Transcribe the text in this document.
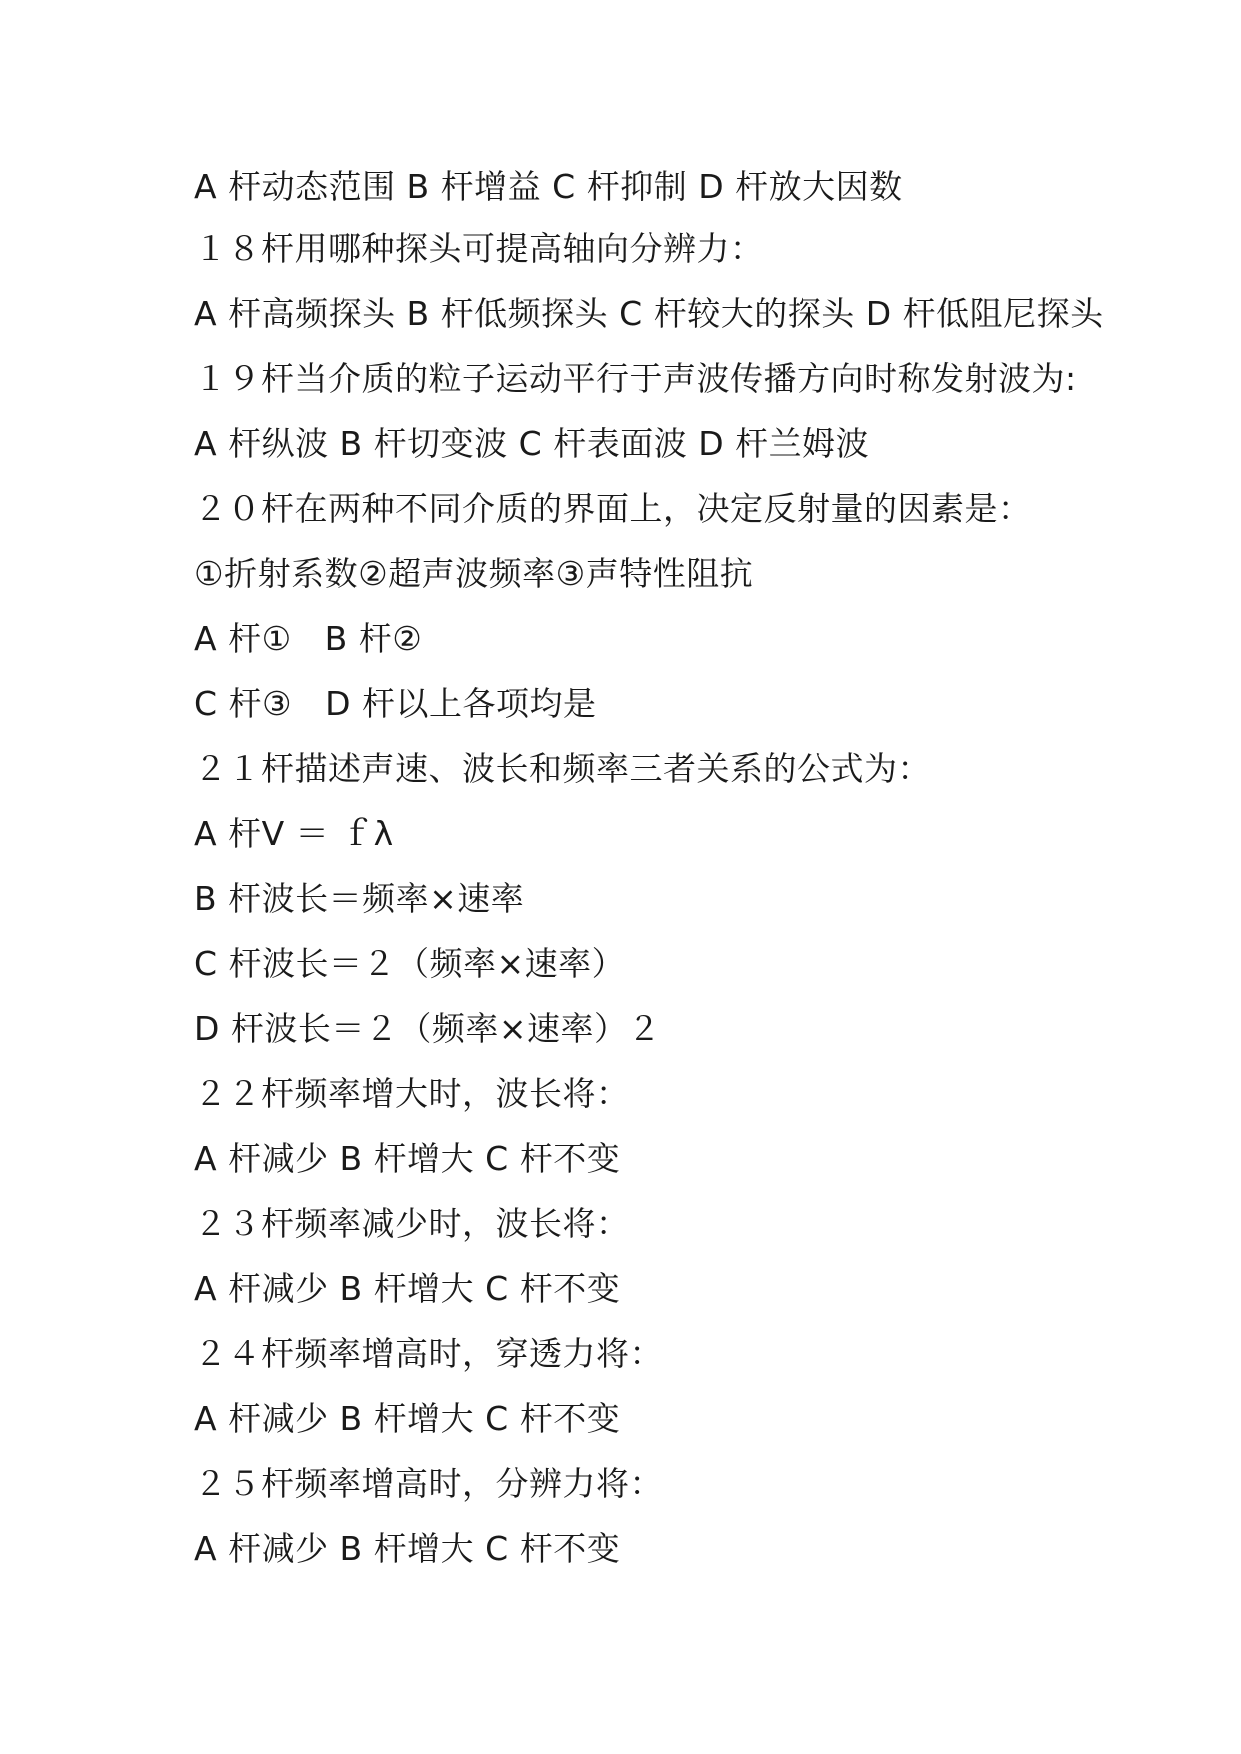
A 杆动态范围 B 杆增益 C 杆抑制 D 杆放大因数
１８杆用哪种探头可提高轴向分辨力：
A 杆高频探头 B 杆低频探头 C 杆较大的探头 D 杆低阻尼探头
１９杆当介质的粒子运动平行于声波传播方向时称发射波为:
A 杆纵波 B 杆切变波 C 杆表面波 D 杆兰姆波
２０杆在两种不同介质的界面上，决定反射量的因素是：
①折射系数②超声波频率③声特性阻抗
A 杆①   B 杆②
C 杆③   D 杆以上各项均是
２１杆描述声速、波长和频率三者关系的公式为：
A 杆V ＝ ｆλ
B 杆波长＝频率×速率
C 杆波长＝２（频率×速率）
D 杆波长＝２（频率×速率）２
２２杆频率增大时，波长将：
A 杆减少 B 杆增大 C 杆不变
２３杆频率减少时，波长将：
A 杆减少 B 杆增大 C 杆不变
２４杆频率增高时，穿透力将：
A 杆减少 B 杆增大 C 杆不变
２５杆频率增高时，分辨力将：
A 杆减少 B 杆增大 C 杆不变
